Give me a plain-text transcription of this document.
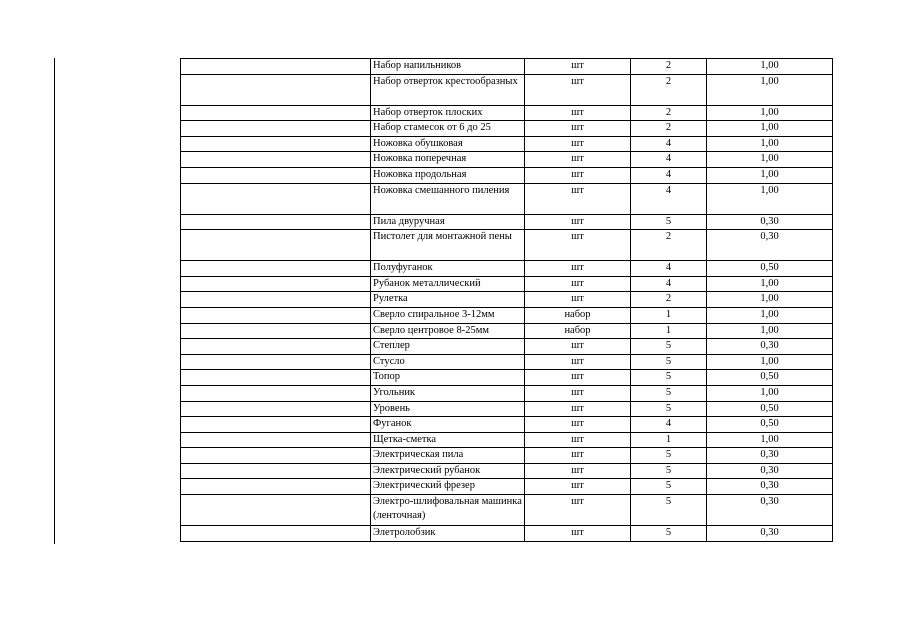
	Набор напильников	шт	2	1,00
	Набор отверток крестообразных	шт	2	1,00
	Набор отверток плоских	шт	2	1,00
	Набор стамесок от 6 до 25	шт	2	1,00
	Ножовка обушковая	шт	4	1,00
	Ножовка поперечная	шт	4	1,00
	Ножовка продольная	шт	4	1,00
	Ножовка смешанного пиления	шт	4	1,00
	Пила двуручная	шт	5	0,30
	Пистолет для монтажной пены	шт	2	0,30
	Полуфуганок	шт	4	0,50
	Рубанок металлический	шт	4	1,00
	Рулетка	шт	2	1,00
	Сверло спиральное 3-12мм	набор	1	1,00
	Сверло центровое 8-25мм	набор	1	1,00
	Степлер	шт	5	0,30
	Стусло	шт	5	1,00
	Топор	шт	5	0,50
	Угольник	шт	5	1,00
	Уровень	шт	5	0,50
	Фуганок	шт	4	0,50
	Щетка-сметка	шт	1	1,00
	Электрическая пила	шт	5	0,30
	Электрический рубанок	шт	5	0,30
	Электрический фрезер	шт	5	0,30
	Электро-шлифовальная машинка (ленточная)	шт	5	0,30
	Элетролобзик	шт	5	0,30
